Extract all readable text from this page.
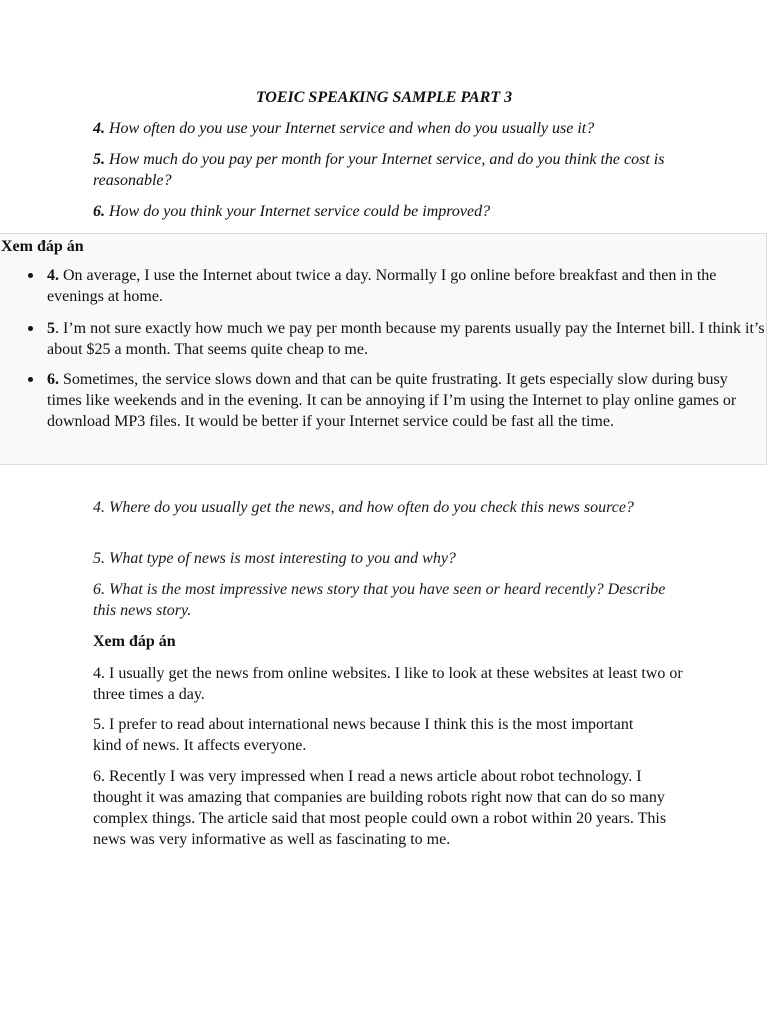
TOEIC SPEAKING SAMPLE PART 3

4. How often do you use your Internet service and when do you usually use it?

5. How much do you pay per month for your Internet service, and do you think the cost is reasonable?

6. How do you think your Internet service could be improved?

Xem đáp án

4. On average, I use the Internet about twice a day. Normally I go online before breakfast and then in the evenings at home.

5. I’m not sure exactly how much we pay per month because my parents usually pay the Internet bill. I think it’s about $25 a month. That seems quite cheap to me.

6. Sometimes, the service slows down and that can be quite frustrating. It gets especially slow during busy times like weekends and in the evening. It can be annoying if I’m using the Internet to play online games or download MP3 files. It would be better if your Internet service could be fast all the time.

4. Where do you usually get the news, and how often do you check this news source?

5. What type of news is most interesting to you and why?

6. What is the most impressive news story that you have seen or heard recently? Describe this news story.

Xem đáp án

4. I usually get the news from online websites. I like to look at these websites at least two or three times a day.

5. I prefer to read about international news because I think this is the most important kind of news. It affects everyone.

6. Recently I was very impressed when I read a news article about robot technology. I thought it was amazing that companies are building robots right now that can do so many complex things. The article said that most people could own a robot within 20 years. This news was very informative as well as fascinating to me.
